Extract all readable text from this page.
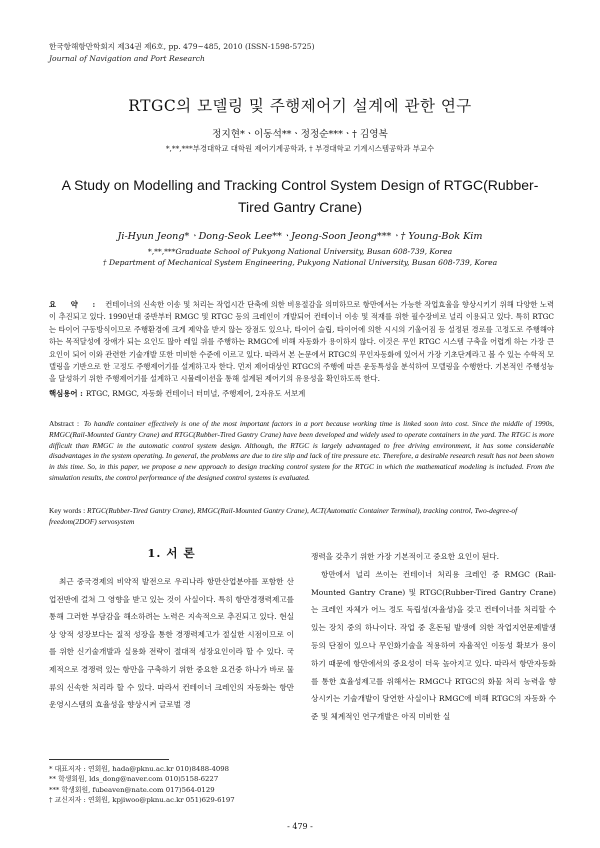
한국항해항만학회지 제34권 제6호, pp. 479~485, 2010 (ISSN-1598-5725)
Journal of Navigation and Port Research
RTGC의 모델링 및 주행제어기 설계에 관한 연구
정지현*ㆍ이동석**ㆍ정정순***ㆍ† 김영복
*,**,***부경대학교 대학원 제어기계공학과, † 부경대학교 기계시스템공학과 부교수
A Study on Modelling and Tracking Control System Design of RTGC(Rubber-Tired Gantry Crane)
Ji-Hyun Jeong*ㆍDong-Seok Lee**ㆍJeong-Soon Jeong***ㆍ† Young-Bok Kim
*,**,***Graduate School of Pukyong National University, Busan 608-739, Korea
† Department of Mechanical System Engineering, Pukyong National University, Busan 608-739, Korea
요 약 : 컨테이너의 신속한 이송 및 처리는 작업시간 단축에 의한 비용절감을 의미하므로 항만에서는 가능한 작업효율을 향상시키기 위해 다양한 노력이 추진되고 있다. 1990년대 중반부터 RMGC 및 RTGC 등의 크레인이 개발되어 컨테이너 이송 및 적재를 위한 필수장비로 널리 이용되고 있다. 특히 RTGC는 타이어 구동방식이므로 주행환경에 크게 제약을 받지 않는 장점도 있으나, 타이어 슬립, 타이어에 의한 시시의 기울어짐 등 설정된 경로를 고정도로 주행해야 하는 목적달성에 장애가 되는 요인도 많아 레일 위를 주행하는 RMGC에 비해 자동화가 용이하지 않다. 이것은 무인 RTGC 시스템 구축을 어렵게 하는 가장 큰 요인이 되어 이와 관련한 기술개발 또한 미비한 수준에 이르고 있다. 따라서 본 논문에서 RTGC의 무인자동화에 있어서 가장 기초단계라고 볼 수 있는 수학적 모델링을 기반으로 한 고정도 주행제어기를 설계하고자 한다. 먼저 제어대상인 RTGC의 주행에 따른 운동특성을 분석하여 모델링을 수행한다. 기본적인 주행성능을 달성하기 위한 주행제어기를 설계하고 시뮬레이션을 통해 설계된 제어기의 유용성을 확인하도록 한다.
핵심용어 : RTGC, RMGC, 자동화 컨테이너 터미널, 주행제어, 2자유도 서보계
Abstract : To handle container effectively is one of the most important factors in a port because working time is linked soon into cost. Since the middle of 1990s, RMGC(Rail-Mounted Gantry Crane) and RTGC(Rubber-Tired Gantry Crane) have been developed and widely used to operate containers in the yard. The RTGC is more difficult than RMGC in the automatic control system design. Although, the RTGC is largely advantaged to free driving environment, it has some considerable disadvantages in the system operating. In general, the problems are due to tire slip and lack of tire pressure etc. Therefore, a desirable research result has not been shown in this time. So, in this paper, we propose a new approach to design tracking control system for the RTGC in which the mathematical modeling is included. From the simulation results, the control performance of the designed control systems is evaluated.
Key words : RTGC(Rubber-Tired Gantry Crane), RMGC(Rail-Mounted Gantry Crane), ACT(Automatic Container Terminal), tracking control, Two-degree-of freedom(2DOF) servosystem
1. 서 론

최근 중국경제의 비약적 발전으로 우리나라 항만산업분야를 포함한 산업전반에 걸쳐 그 영향을 받고 있는 것이 사실이다. 특히 항만경쟁력제고를 통해 그러한 부담감을 해소하려는 노력은 지속적으로 추진되고 있다. 현실상 양적 성장보다는 질적 성장을 통한 경쟁력제고가 절실한 시점이므로 이를 위한 신기술개발과 실용화 전략이 절대적 성장요인이라 할 수 있다. 국제적으로 경쟁력 있는 항만을 구축하기 위한 중요한 요건중 하나가 바로 물류의 신속한 처리라 할 수 있다. 따라서 컨테이너 크레인의 자동화는 항만운영시스템의 효율성을 향상시켜 글로벌 경

쟁력을 갖추기 위한 가장 기본적이고 중요한 요인이 된다.

항만에서 널리 쓰이는 컨테이너 처리용 크레인 중 RMGC (Rail-Mounted Gantry Crane) 및 RTGC(Rubber-Tired Gantry Crane)는 크레인 자체가 어느 정도 독립성(자율성)을 갖고 컨테이너를 처리할 수 있는 장치 중의 하나이다. 작업 중 혼돈됨 발생에 의한 작업지연문제발생 등의 단점이 있으나 무인화기술을 적용하여 자율적인 이동성 확보가 용이하기 때문에 항만에서의 중요성이 더욱 높아지고 있다. 따라서 항만자동화를 통한 효율성제고를 위해서는 RMGC나 RTGC의 화물 처리 능력을 향상시키는 기술개발이 당연한 사실이나 RMGC에 비해 RTGC의 자동화 수준 및 체계적인 연구개발은 아직 미비한 실

* 대표저자 : 연회원, hada@pknu.ac.kr 010)8488-4098
** 학생회원, lds_dong@naver.com 010)5158-6227
*** 학생회원, fubeaven@nate.com 017)564-0129
† 교신저자 : 연회원, kpjiwoo@pknu.ac.kr 051)629-6197
- 479 -
